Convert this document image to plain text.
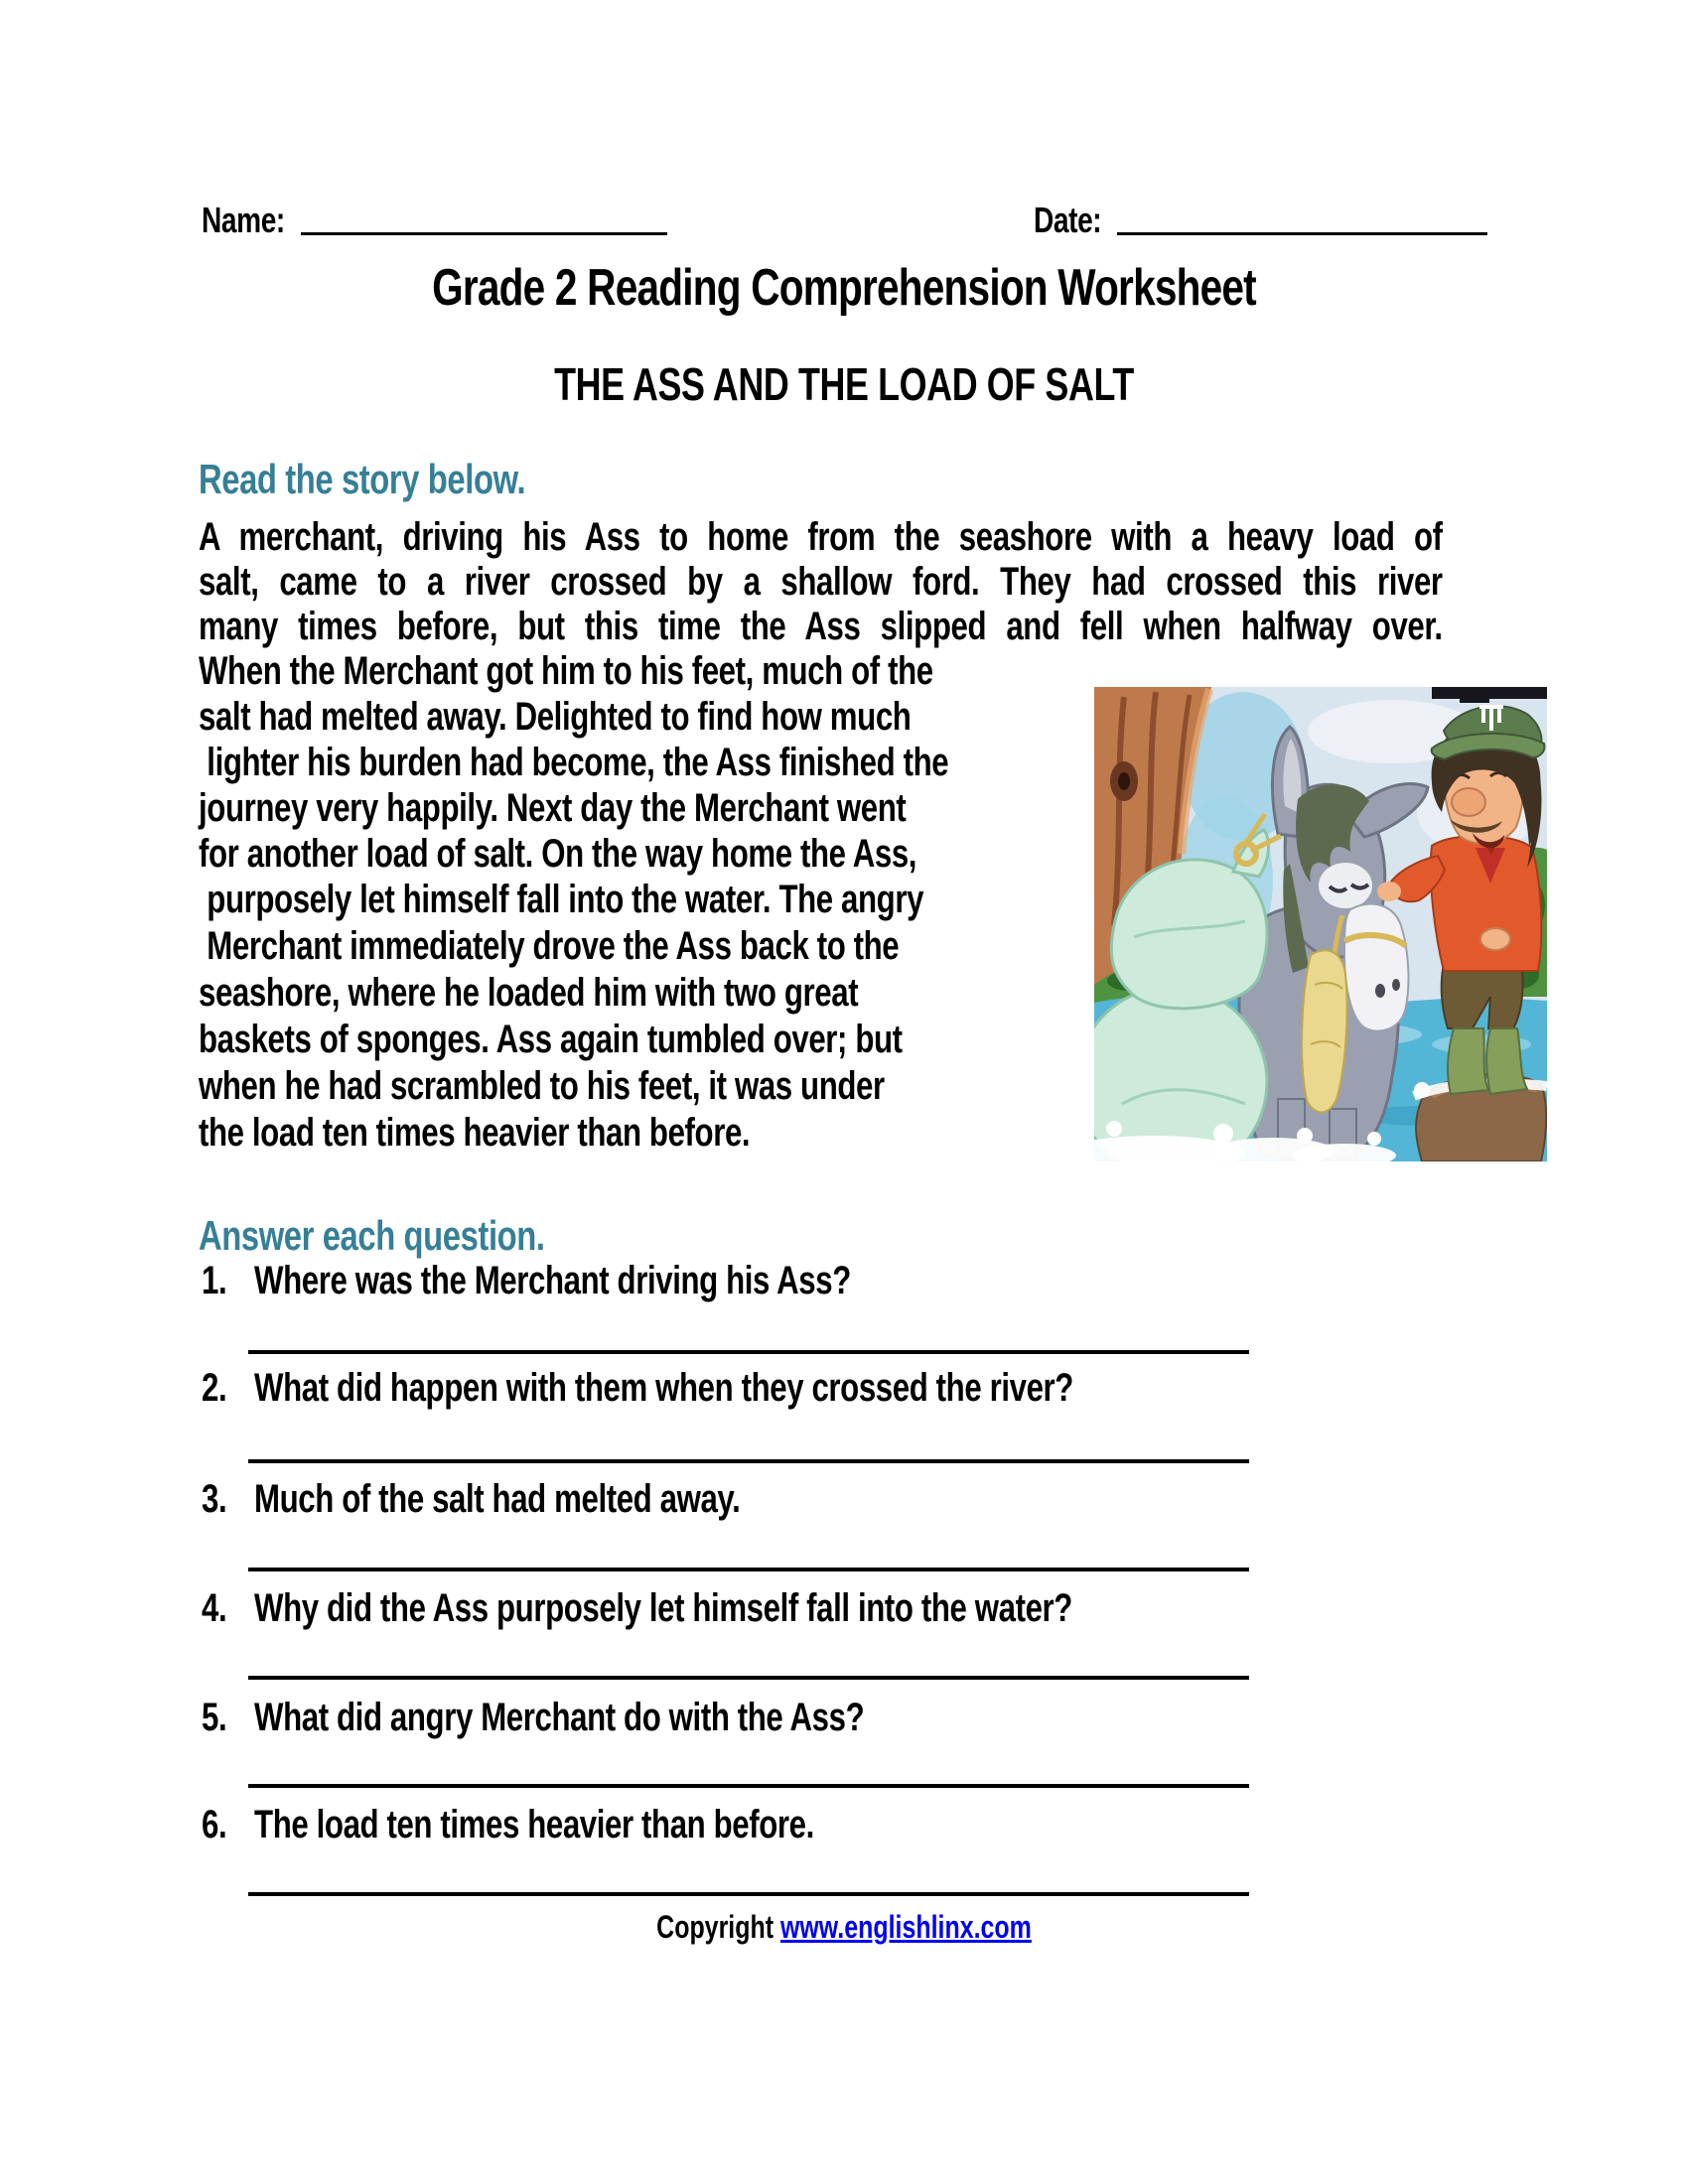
Name:	Date:
Grade 2 Reading Comprehension Worksheet
THE ASS AND THE LOAD OF SALT
Read the story below.
A merchant, driving his Ass to home from the seashore with a heavy load of
salt, came to a river crossed by a shallow ford. They had crossed this river
many times before, but this time the Ass slipped and fell when halfway over.
When the Merchant got him to his feet, much of the
salt had melted away. Delighted to find how much
lighter his burden had become, the Ass finished the
journey very happily. Next day the Merchant went
for another load of salt. On the way home the Ass,
purposely let himself fall into the water. The angry
Merchant immediately drove the Ass back to the
seashore, where he loaded him with two great
baskets of sponges. Ass again tumbled over; but
when he had scrambled to his feet, it was under
the load ten times heavier than before.
Answer each question.
1. Where was the Merchant driving his Ass?
2. What did happen with them when they crossed the river?
3. Much of the salt had melted away.
4. Why did the Ass purposely let himself fall into the water?
5. What did angry Merchant do with the Ass?
6. The load ten times heavier than before.
Copyright www.englishlinx.com
